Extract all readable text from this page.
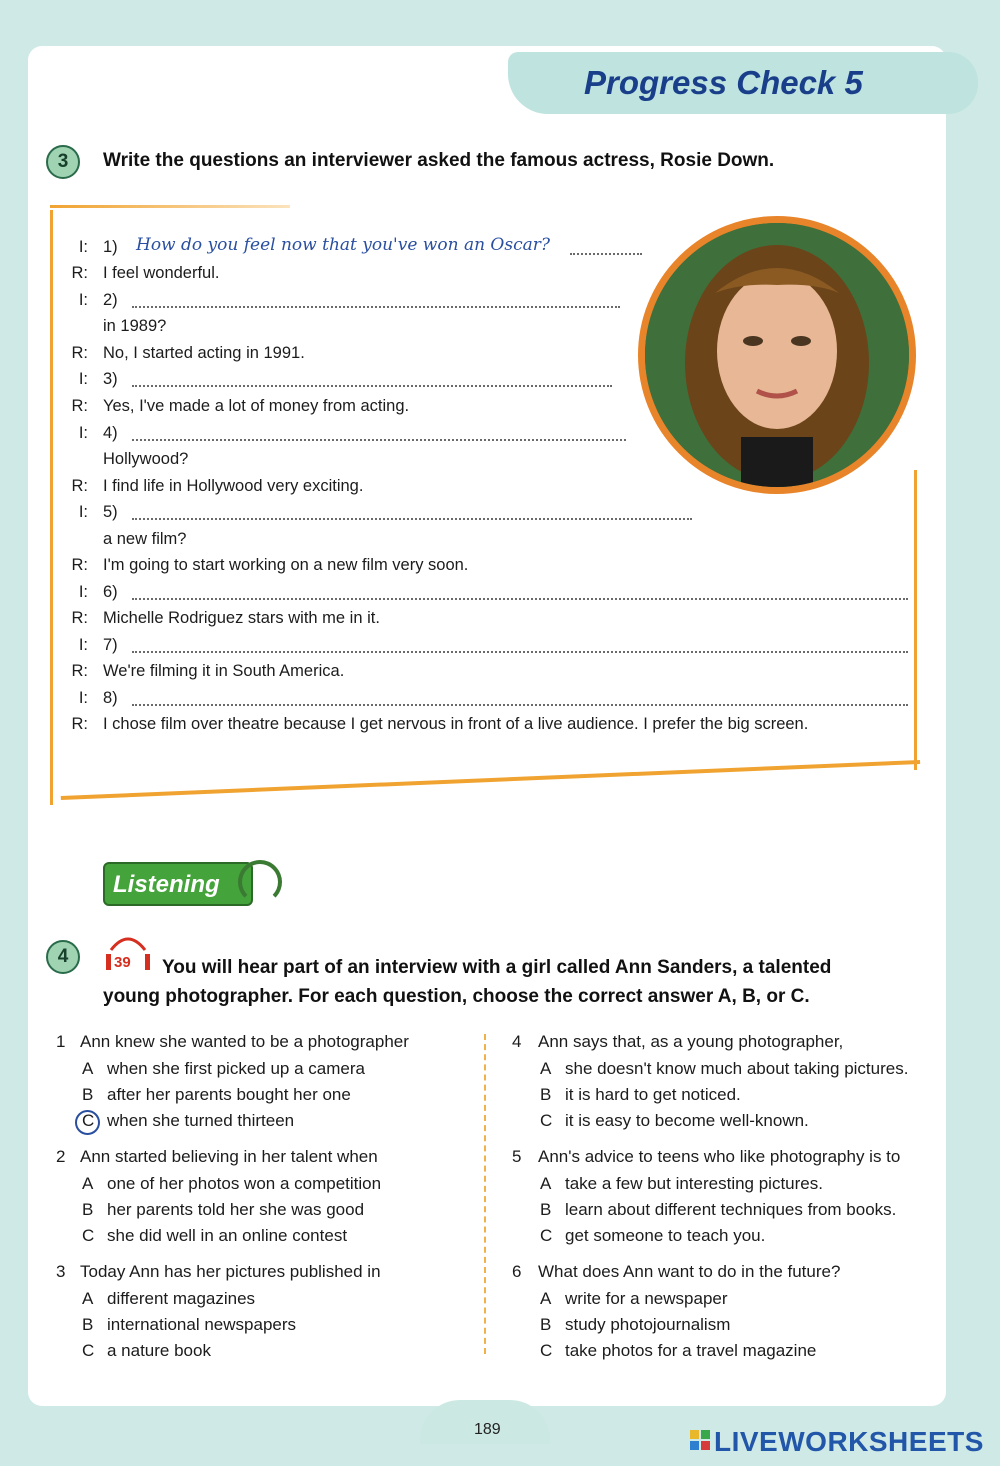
Progress Check 5
3	Write the questions an interviewer asked the famous actress, Rosie Down.
How do you feel now that you've won an Oscar?
I: 1)
R: I feel wonderful.
I: 2)
in 1989?
R: No, I started acting in 1991.
I: 3)
R: Yes, I've made a lot of money from acting.
I: 4)
Hollywood?
R: I find life in Hollywood very exciting.
I: 5)
a new film?
R: I'm going to start working on a new film very soon.
I: 6)
R: Michelle Rodriguez stars with me in it.
I: 7)
R: We're filming it in South America.
I: 8)
R: I chose film over theatre because I get nervous in front of a live audience. I prefer the big screen.
Listening
4	39 You will hear part of an interview with a girl called Ann Sanders, a talented
young photographer. For each question, choose the correct answer A, B, or C.
1 Ann knew she wanted to be a photographer
A when she first picked up a camera
B after her parents bought her one
C when she turned thirteen
2 Ann started believing in her talent when
A one of her photos won a competition
B her parents told her she was good
C she did well in an online contest
3 Today Ann has her pictures published in
A different magazines
B international newspapers
C a nature book
4 Ann says that, as a young photographer,
A she doesn't know much about taking pictures.
B it is hard to get noticed.
C it is easy to become well-known.
5 Ann's advice to teens who like photography is to
A take a few but interesting pictures.
B learn about different techniques from books.
C get someone to teach you.
6 What does Ann want to do in the future?
A write for a newspaper
B study photojournalism
C take photos for a travel magazine
189	LIVEWORKSHEETS
